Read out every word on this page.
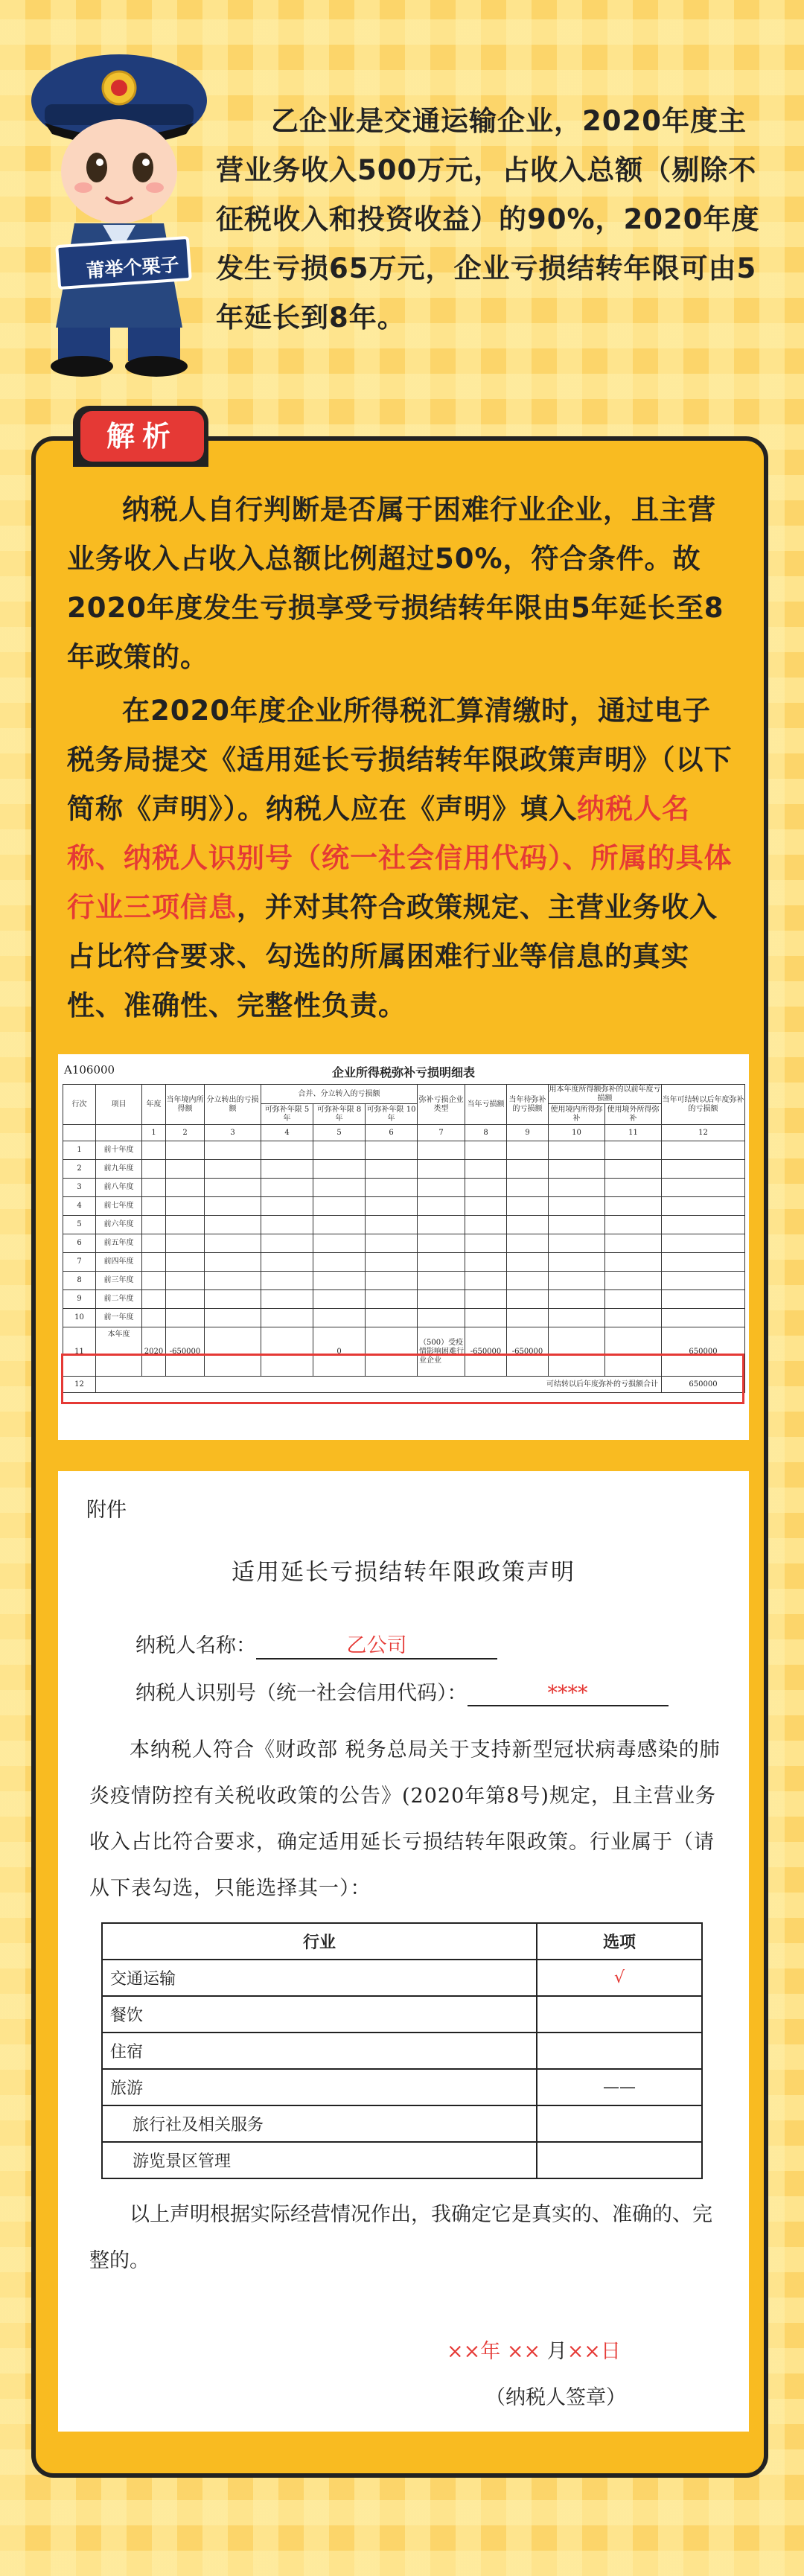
莆举个栗子
乙企业是交通运输企业，2020年度主营业务收入500万元，占收入总额（剔除不征税收入和投资收益）的90%，2020年度发生亏损65万元，企业亏损结转年限可由5年延长到8年。
解析
纳税人自行判断是否属于困难行业企业，且主营业务收入占收入总额比例超过50%，符合条件。故2020年度发生亏损享受亏损结转年限由5年延长至8年政策的。
在2020年度企业所得税汇算清缴时，通过电子税务局提交《适用延长亏损结转年限政策声明》（以下简称《声明》）。纳税人应在《声明》填入纳税人名称、纳税人识别号（统一社会信用代码）、所属的具体行业三项信息，并对其符合政策规定、主营业务收入占比符合要求、勾选的所属困难行业等信息的真实性、准确性、完整性负责。
A106000	企业所得税弥补亏损明细表
行次	项目	年度	当年境内所得额	分立转出的亏损额	合并、分立转入的亏损额			弥补亏损企业类型	当年亏损额	当年待弥补的亏损额	用本年度所得额弥补的以前年度亏损额		当年可结转以后年度弥补的亏损额
					可弥补年限 5 年	可弥补年限 8 年	可弥补年限 10 年				使用境内所得弥补	使用境外所得弥补	
		1	2	3	4	5	6	7	8	9	10	11	12
1	前十年度												
2	前九年度												
3	前八年度												
4	前七年度												
5	前六年度												
6	前五年度												
7	前四年度												
8	前三年度												
9	前二年度												
10	前一年度												
11	本年度	2020	-650000			0		（500）受疫情影响困难行业企业	-650000	-650000			650000
12	可结转以后年度弥补的亏损额合计												650000
附件
适用延长亏损结转年限政策声明
纳税人名称：	乙公司
纳税人识别号（统一社会信用代码）：	****
本纳税人符合《财政部 税务总局关于支持新型冠状病毒感染的肺炎疫情防控有关税收政策的公告》(2020年第8号)规定，且主营业务收入占比符合要求，确定适用延长亏损结转年限政策。行业属于（请从下表勾选，只能选择其一）：
行业	选项
交通运输	√
餐饮	
住宿	
旅游	——
旅行社及相关服务	
游览景区管理	
以上声明根据实际经营情况作出，我确定它是真实的、准确的、完整的。
××年 ×× 月××日
（纳税人签章）
